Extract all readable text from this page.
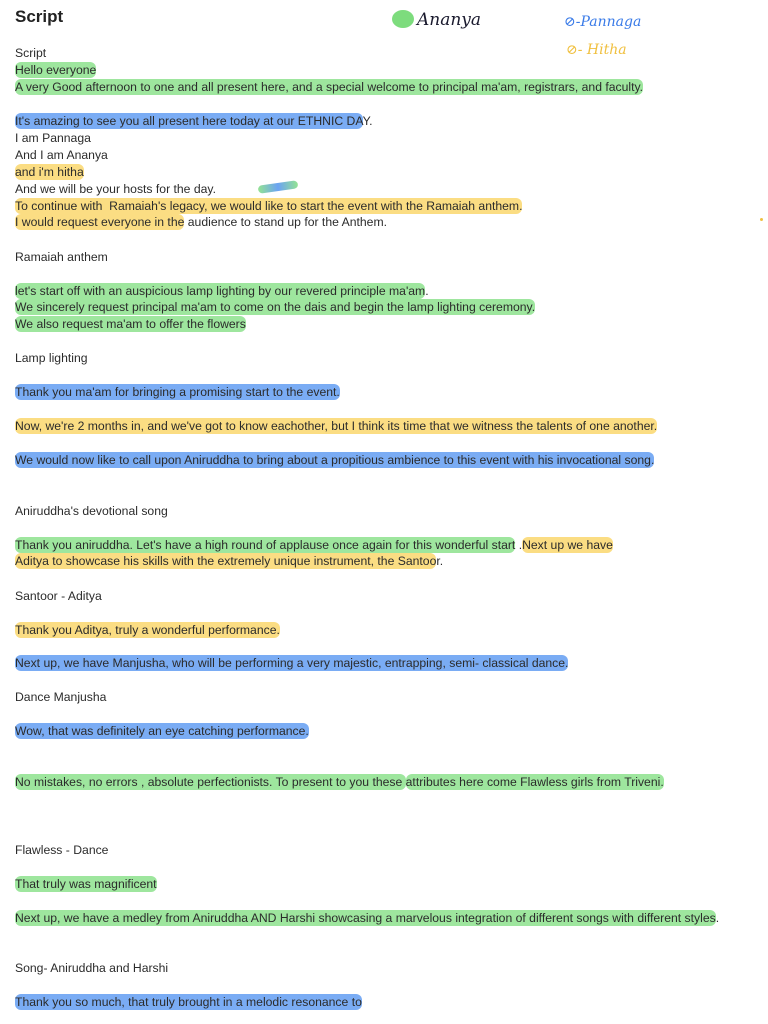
Script	Ananya	⊘-Pannaga
⊘- Hitha
Script
Hello everyone
A very Good afternoon to one and all present here, and a special welcome to principal ma'am, registrars, and faculty.
It's amazing to see you all present here today at our ETHNIC DAY.
I am Pannaga
And I am Ananya
and i'm hitha
And we will be your hosts for the day.
To continue with  Ramaiah's legacy, we would like to start the event with the Ramaiah anthem.
I would request everyone in the audience to stand up for the Anthem.
Ramaiah anthem
let's start off with an auspicious lamp lighting by our revered principle ma'am.
We sincerely request principal ma'am to come on the dais and begin the lamp lighting ceremony.
We also request ma'am to offer the flowers
Lamp lighting
Thank you ma'am for bringing a promising start to the event.
Now, we're 2 months in, and we've got to know eachother, but I think its time that we witness the talents of one another.
We would now like to call upon Aniruddha to bring about a propitious ambience to this event with his invocational song.
Aniruddha's devotional song
Thank you aniruddha. Let's have a high round of applause once again for this wonderful start .Next up we have
Aditya to showcase his skills with the extremely unique instrument, the Santoor.
Santoor - Aditya
Thank you Aditya, truly a wonderful performance.
Next up, we have Manjusha, who will be performing a very majestic, entrapping, semi- classical dance.
Dance Manjusha
Wow, that was definitely an eye catching performance.
No mistakes, no errors , absolute perfectionists. To present to you these attributes here come Flawless girls from Triveni.
Flawless - Dance
That truly was magnificent
Next up, we have a medley from Aniruddha AND Harshi showcasing a marvelous integration of different songs with different styles.
Song- Aniruddha and Harshi
Thank you so much, that truly brought in a melodic resonance to
